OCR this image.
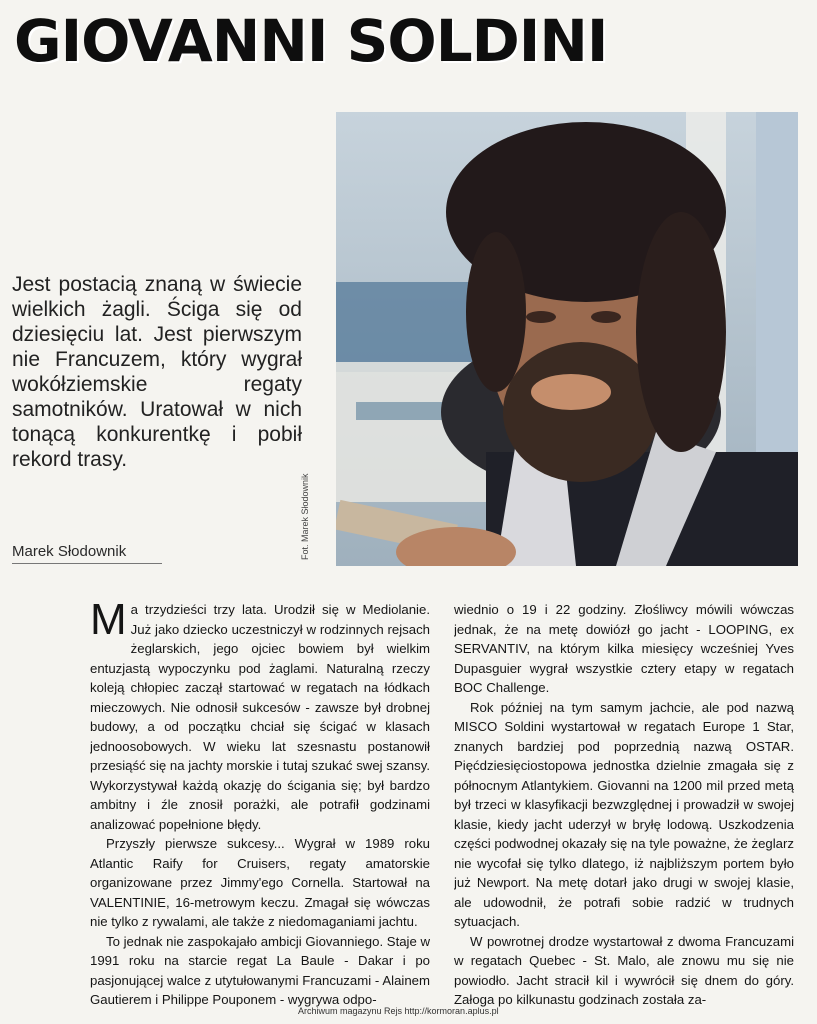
GIOVANNI SOLDINI
Fot. Marek Słodownik

Jest postacią znaną w świecie wielkich żagli. Ściga się od dziesięciu lat. Jest pierwszym nie Francuzem, który wygrał wokółziemskie regaty samotników. Uratował w nich tonącą konkurentkę i pobił rekord trasy.

Marek Słodownik

Ma trzydzieści trzy lata. Urodził się w Mediolanie. Już jako dziecko uczestniczył w rodzinnych rejsach żeglarskich, jego ojciec bowiem był wielkim entuzjastą wypoczynku pod żaglami. Naturalną rzeczy koleją chłopiec zaczął startować w regatach na łódkach mieczowych. Nie odnosił sukcesów - zawsze był drobnej budowy, a od początku chciał się ścigać w klasach jednoosobowych. W wieku lat szesnastu postanowił przesiąść się na jachty morskie i tutaj szukać swej szansy. Wykorzystywał każdą okazję do ścigania się; był bardzo ambitny i źle znosił porażki, ale potrafił godzinami analizować popełnione błędy.

Przyszły pierwsze sukcesy... Wygrał w 1989 roku Atlantic Raify for Cruisers, regaty amatorskie organizowane przez Jimmy'ego Cornella. Startował na VALENTINIE, 16-metrowym keczu. Zmagał się wówczas nie tylko z rywalami, ale także z niedomaganiami jachtu.

To jednak nie zaspokajało ambicji Giovanniego. Staje w 1991 roku na starcie regat La Baule - Dakar i po pasjonującej walce z utytułowanymi Francuzami - Alainem Gautierem i Philippe Pouponem - wygrywa odpo-

wiednio o 19 i 22 godziny. Złośliwcy mówili wówczas jednak, że na metę dowiózł go jacht - LOOPING, ex SERVANTIV, na którym kilka miesięcy wcześniej Yves Dupasguier wygrał wszystkie cztery etapy w regatach BOC Challenge.

Rok później na tym samym jachcie, ale pod nazwą MISCO Soldini wystartował w regatach Europe 1 Star, znanych bardziej pod poprzednią nazwą OSTAR. Pięćdziesięciostopowa jednostka dzielnie zmagała się z północnym Atlantykiem. Giovanni na 1200 mil przed metą był trzeci w klasyfikacji bezwzględnej i prowadził w swojej klasie, kiedy jacht uderzył w bryłę lodową. Uszkodzenia części podwodnej okazały się na tyle poważne, że żeglarz nie wycofał się tylko dlatego, iż najbliższym portem było już Newport. Na metę dotarł jako drugi w swojej klasie, ale udowodnił, że potrafi sobie radzić w trudnych sytuacjach.

W powrotnej drodze wystartował z dwoma Francuzami w regatach Quebec - St. Malo, ale znowu mu się nie powiodło. Jacht stracił kil i wywrócił się dnem do góry. Załoga po kilkunastu godzinach została za-

Archiwum magazynu Rejs http://kormoran.aplus.pl
